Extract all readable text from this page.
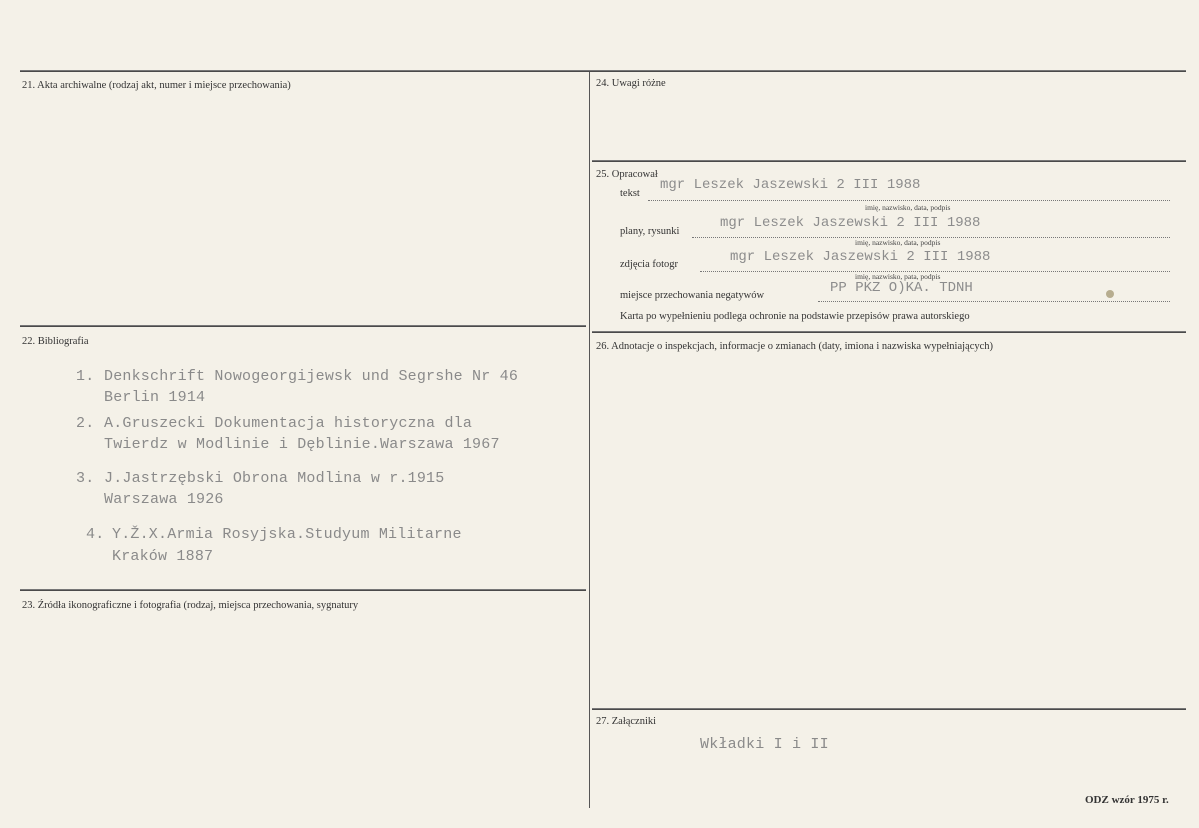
21. Akta archiwalne (rodzaj akt, numer i miejsce przechowania)
22. Bibliografia
1. Denkschrift Nowogeorgijewsk und Segrshe Nr 46
Berlin 1914
2. A.Gruszecki Dokumentacja historyczna dla
Twierdz w Modlinie i Dęblinie.Warszawa 1967
3. J.Jastrzębski Obrona Modlina w r.1915
Warszawa 1926
4. Y.Ž.X.Armia Rosyjska.Studyum Militarne
Kraków 1887
23. Źródła ikonograficzne i fotografia (rodzaj, miejsca przechowania, sygnatury
24. Uwagi różne
25. Opracował
tekst
mgr Leszek Jaszewski 2 III 1988
imię, nazwisko, data, podpis
plany, rysunki
mgr Leszek Jaszewski 2 III 1988
imię, nazwisko, data, podpis
zdjęcia fotogr	mgr Leszek Jaszewski 2 III 1988
imię, nazwisko, pata, podpis
miejsce przechowania negatywów	PP PKZ O)KA. TDNH
Karta po wypełnieniu podlega ochronie na podstawie przepisów prawa autorskiego
26. Adnotacje o inspekcjach, informacje o zmianach (daty, imiona i nazwiska wypełniających)
27. Załączniki
Wkładki I i II
ODZ wzór 1975 r.
